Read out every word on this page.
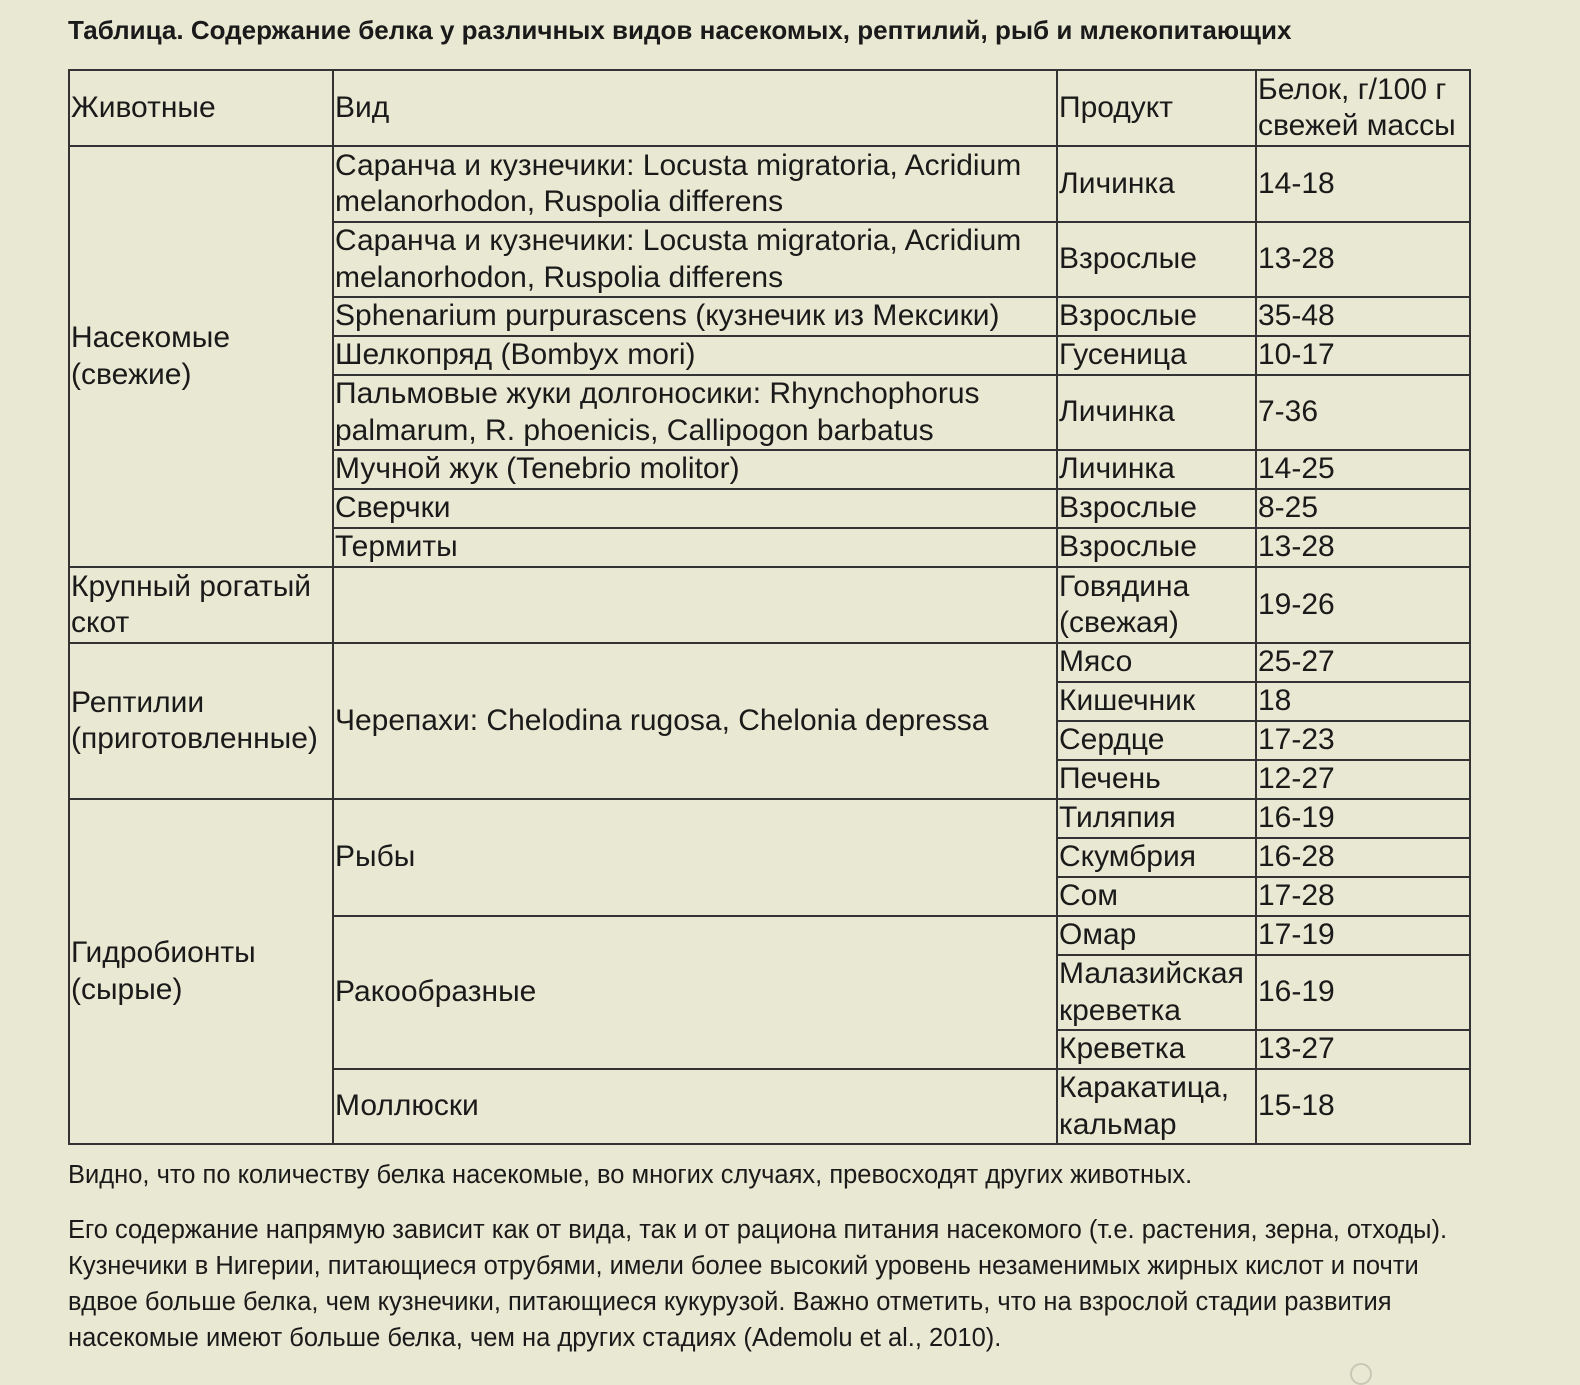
Таблица. Содержание белка у различных видов насекомых, рептилий, рыб и млекопитающих

Животные	Вид	Продукт	Белок, г/100 г свежей массы
Насекомые (свежие)	Саранча и кузнечики: Locusta migratoria, Acridium melanorhodon, Ruspolia differens	Личинка	14-18
	Саранча и кузнечики: Locusta migratoria, Acridium melanorhodon, Ruspolia differens	Взрослые	13-28
	Sphenarium purpurascens (кузнечик из Мексики)	Взрослые	35-48
	Шелкопряд (Bombyx mori)	Гусеница	10-17
	Пальмовые жуки долгоносики: Rhynchophorus palmarum, R. phoenicis, Callipogon barbatus	Личинка	7-36
	Мучной жук (Tenebrio molitor)	Личинка	14-25
	Сверчки	Взрослые	8-25
	Термиты	Взрослые	13-28
Крупный рогатый скот		Говядина (свежая)	19-26
Рептилии (приготовленные)	Черепахи: Chelodina rugosa, Chelonia depressa	Мясо	25-27
		Кишечник	18
		Сердце	17-23
		Печень	12-27
Гидробионты (сырые)	Рыбы	Тиляпия	16-19
		Скумбрия	16-28
		Сом	17-28
	Ракообразные	Омар	17-19
		Малазийская креветка	16-19
		Креветка	13-27
	Моллюски	Каракатица, кальмар	15-18

Видно, что по количеству белка насекомые, во многих случаях, превосходят других животных.

Его содержание напрямую зависит как от вида, так и от рациона питания насекомого (т.е. растения, зерна, отходы). Кузнечики в Нигерии, питающиеся отрубями, имели более высокий уровень незаменимых жирных кислот и почти вдвое больше белка, чем кузнечики, питающиеся кукурузой. Важно отметить, что на взрослой стадии развития насекомые имеют больше белка, чем на других стадиях (Ademolu et al., 2010).
